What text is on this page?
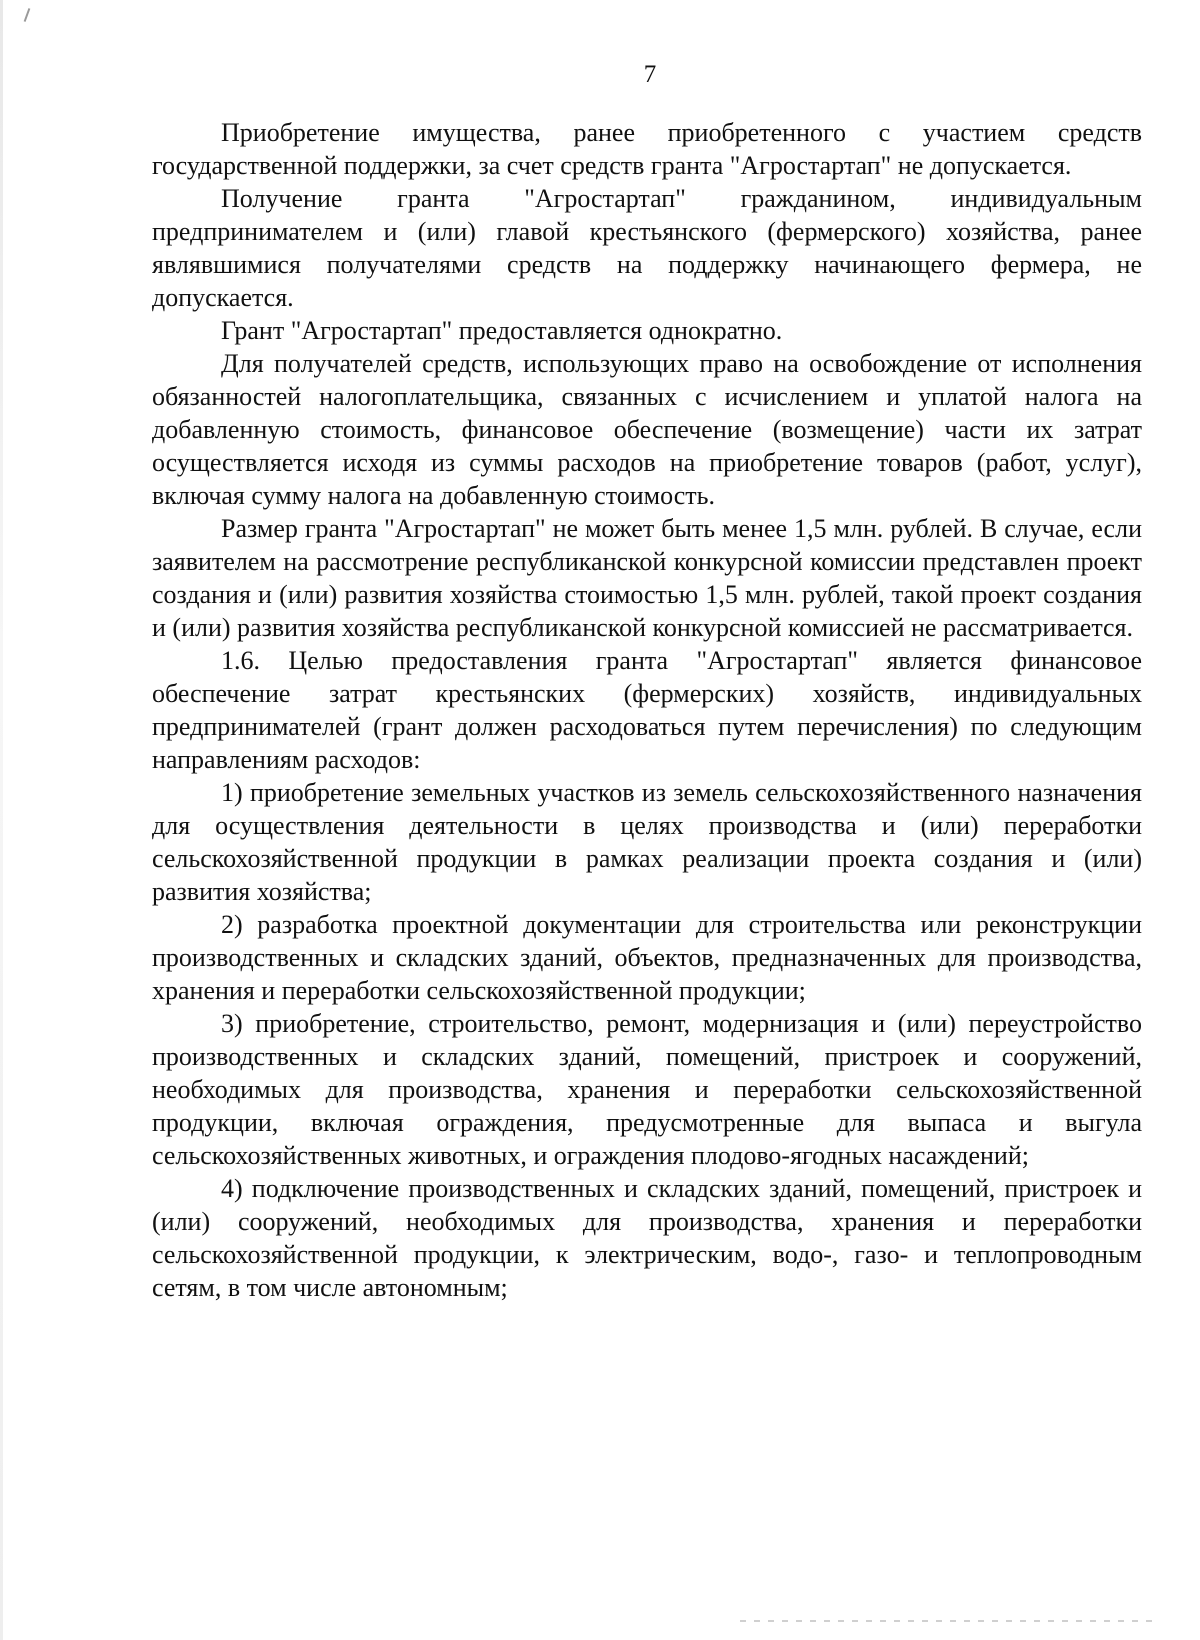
7

Приобретение имущества, ранее приобретенного с участием средств государственной поддержки, за счет средств гранта "Агростартап" не допускается.

Получение гранта "Агростартап" гражданином, индивидуальным предпринимателем и (или) главой крестьянского (фермерского) хозяйства, ранее являвшимися получателями средств на поддержку начинающего фермера, не допускается.

Грант "Агростартап" предоставляется однократно.

Для получателей средств, использующих право на освобождение от исполнения обязанностей налогоплательщика, связанных с исчислением и уплатой налога на добавленную стоимость, финансовое обеспечение (возмещение) части их затрат осуществляется исходя из суммы расходов на приобретение товаров (работ, услуг), включая сумму налога на добавленную стоимость.

Размер гранта "Агростартап" не может быть менее 1,5 млн. рублей. В случае, если заявителем на рассмотрение республиканской конкурсной комиссии представлен проект создания и (или) развития хозяйства стоимостью 1,5 млн. рублей, такой проект создания и (или) развития хозяйства республиканской конкурсной комиссией не рассматривается.

1.6. Целью предоставления гранта "Агростартап" является финансовое обеспечение затрат крестьянских (фермерских) хозяйств, индивидуальных предпринимателей (грант должен расходоваться путем перечисления) по следующим направлениям расходов:

1) приобретение земельных участков из земель сельскохозяйственного назначения для осуществления деятельности в целях производства и (или) переработки сельскохозяйственной продукции в рамках реализации проекта создания и (или) развития хозяйства;

2) разработка проектной документации для строительства или реконструкции производственных и складских зданий, объектов, предназначенных для производства, хранения и переработки сельскохозяйственной продукции;

3) приобретение, строительство, ремонт, модернизация и (или) переустройство производственных и складских зданий, помещений, пристроек и сооружений, необходимых для производства, хранения и переработки сельскохозяйственной продукции, включая ограждения, предусмотренные для выпаса и выгула сельскохозяйственных животных, и ограждения плодово-ягодных насаждений;

4) подключение производственных и складских зданий, помещений, пристроек и (или) сооружений, необходимых для производства, хранения и переработки сельскохозяйственной продукции, к электрическим, водо-, газо- и теплопроводным сетям, в том числе автономным;
